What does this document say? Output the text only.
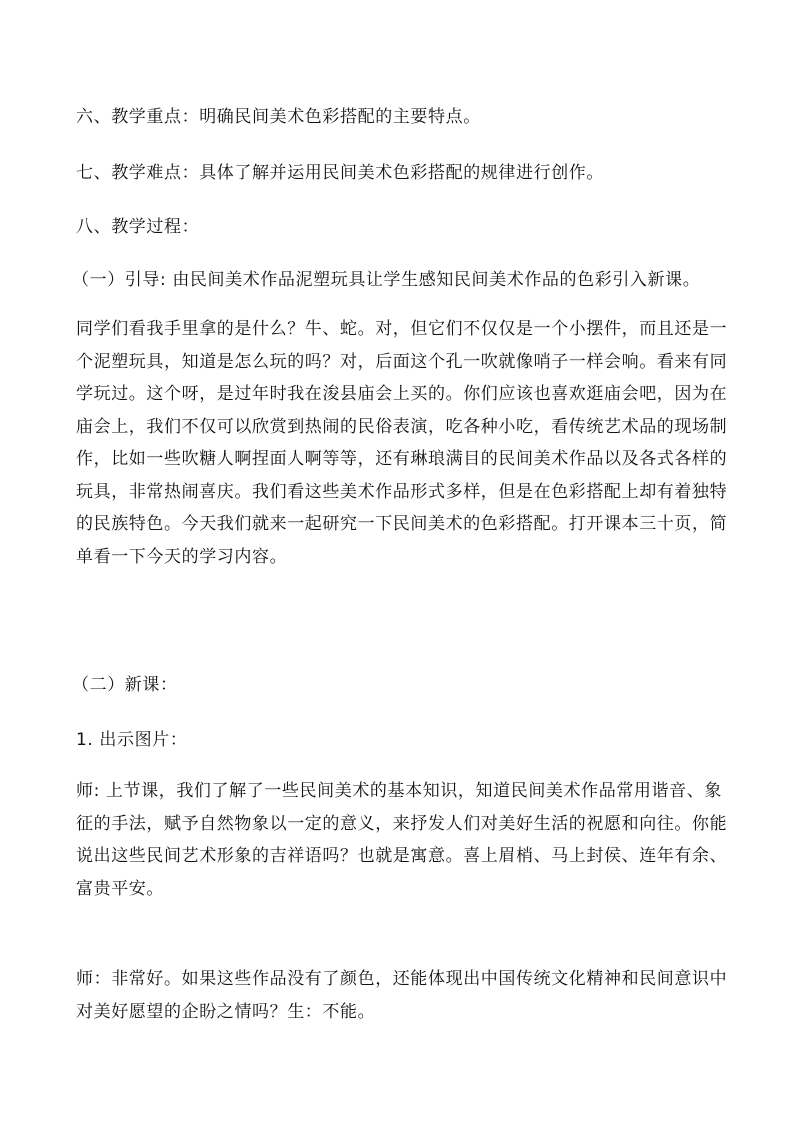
六、教学重点：明确民间美术色彩搭配的主要特点。
七、教学难点：具体了解并运用民间美术色彩搭配的规律进行创作。
八、教学过程：
（一）引导: 由民间美术作品泥塑玩具让学生感知民间美术作品的色彩引入新课。
同学们看我手里拿的是什么？牛、蛇。对，但它们不仅仅是一个小摆件，而且还是一个泥塑玩具，知道是怎么玩的吗？对，后面这个孔一吹就像哨子一样会响。看来有同学玩过。这个呀，是过年时我在浚县庙会上买的。你们应该也喜欢逛庙会吧，因为在庙会上，我们不仅可以欣赏到热闹的民俗表演，吃各种小吃，看传统艺术品的现场制作，比如一些吹糖人啊捏面人啊等等，还有琳琅满目的民间美术作品以及各式各样的玩具，非常热闹喜庆。我们看这些美术作品形式多样，但是在色彩搭配上却有着独特的民族特色。今天我们就来一起研究一下民间美术的色彩搭配。打开课本三十页，简单看一下今天的学习内容。
（二）新课：
1. 出示图片：
师: 上节课，我们了解了一些民间美术的基本知识，知道民间美术作品常用谐音、象征的手法，赋予自然物象以一定的意义，来抒发人们对美好生活的祝愿和向往。你能说出这些民间艺术形象的吉祥语吗？也就是寓意。喜上眉梢、马上封侯、连年有余、富贵平安。
师：非常好。如果这些作品没有了颜色，还能体现出中国传统文化精神和民间意识中对美好愿望的企盼之情吗？生：不能。
